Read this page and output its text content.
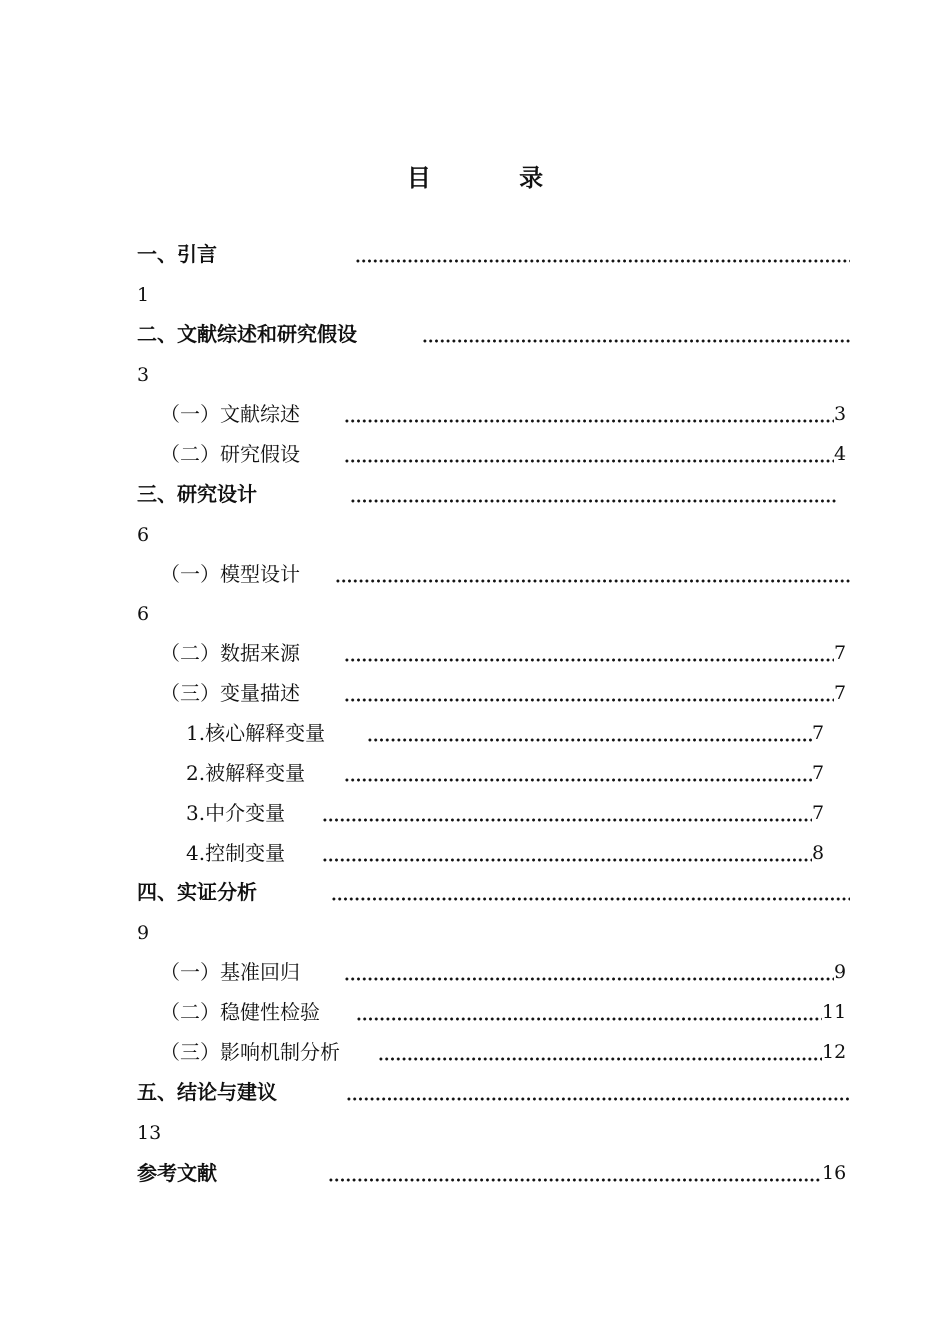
目 录
一、引言
1
二、文献综述和研究假设
3
（一）文献综述	3
（二）研究假设	4
三、研究设计
6
（一）模型设计
6
（二）数据来源	7
（三）变量描述	7
1.核心解释变量	7
2.被解释变量	7
3.中介变量	7
4.控制变量	8
四、实证分析
9
（一）基准回归	9
（二）稳健性检验	11
（三）影响机制分析	12
五、结论与建议
13
参考文献	16
